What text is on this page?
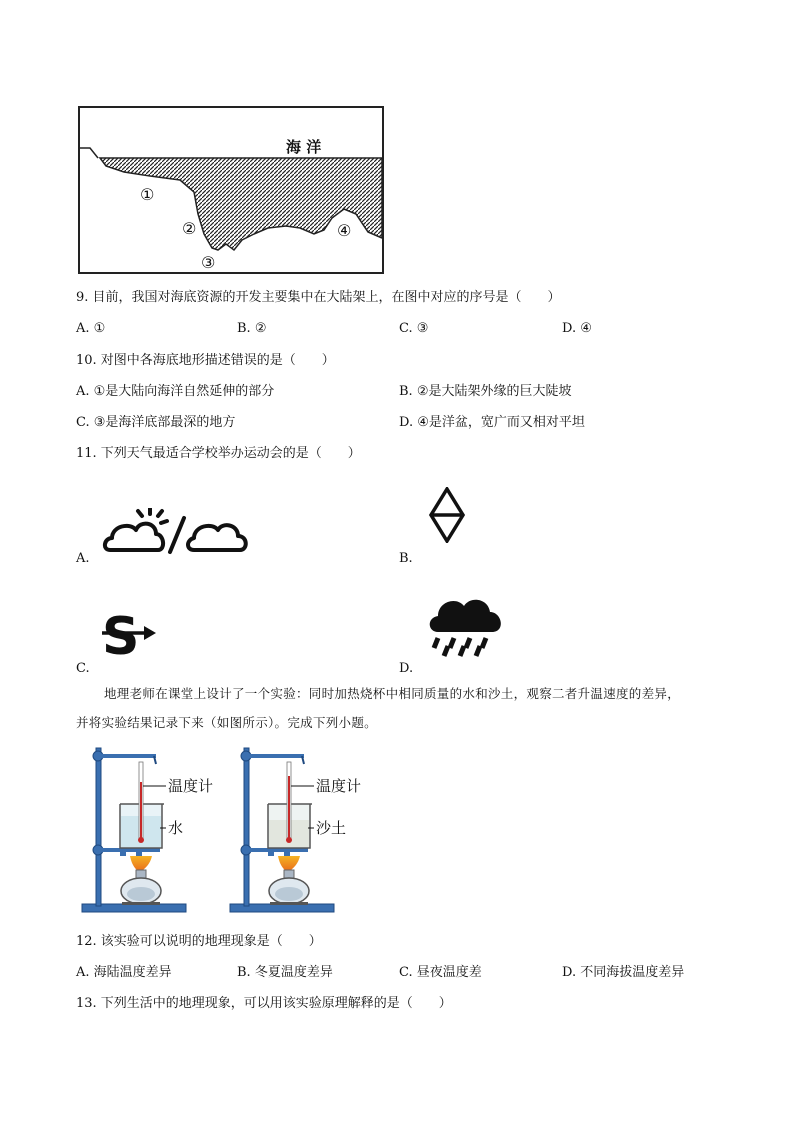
海 洋
①
②
③
④
9. 目前，我国对海底资源的开发主要集中在大陆架上，在图中对应的序号是（　　）
A. ①	B. ②	C. ③	D. ④
10. 对图中各海底地形描述错误的是（　　）
A. ①是大陆向海洋自然延伸的部分	B. ②是大陆架外缘的巨大陡坡
C. ③是海洋底部最深的地方	D. ④是洋盆，宽广而又相对平坦
11. 下列天气最适合学校举办运动会的是（　　）
A.	B.
C.
S
D.
地理老师在课堂上设计了一个实验：同时加热烧杯中相同质量的水和沙土，观察二者升温速度的差异，
并将实验结果记录下来（如图所示）。完成下列小题。
温度计
水
温度计
沙土
12. 该实验可以说明的地理现象是（　　）
A. 海陆温度差异	B. 冬夏温度差异	C. 昼夜温度差	D. 不同海拔温度差异
13. 下列生活中的地理现象，可以用该实验原理解释的是（　　）
